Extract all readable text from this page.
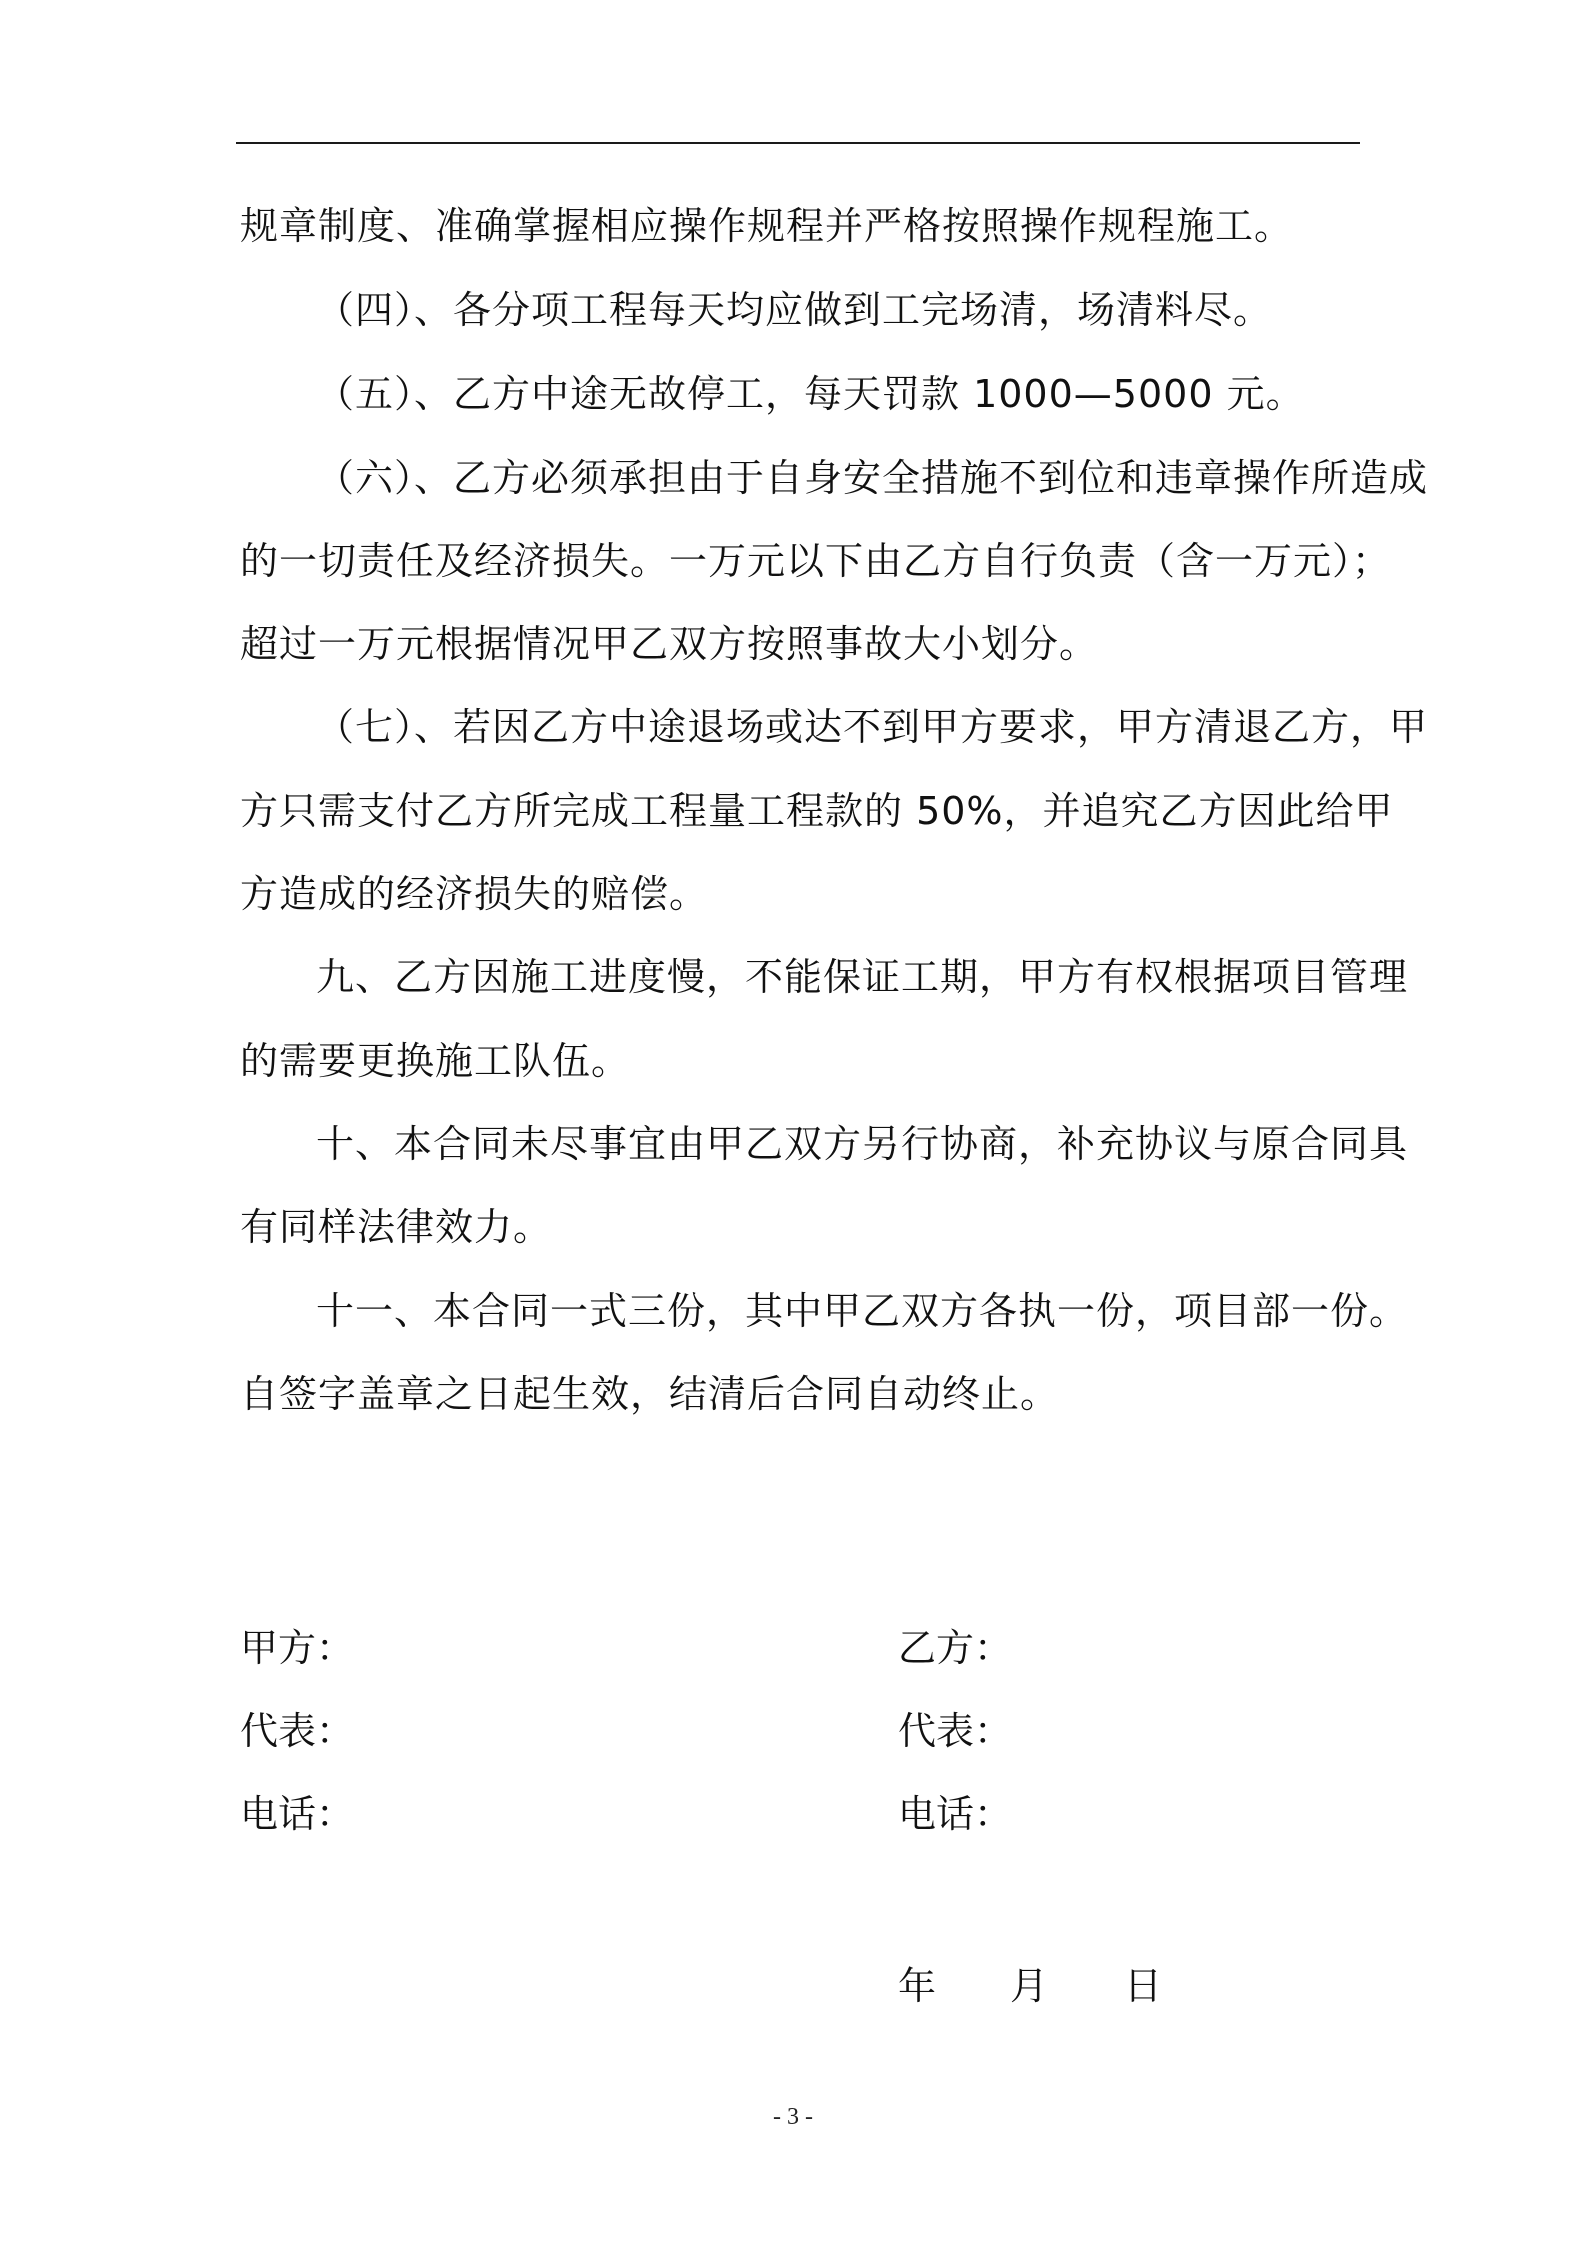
规章制度、准确掌握相应操作规程并严格按照操作规程施工。
（四）、各分项工程每天均应做到工完场清，场清料尽。
（五）、乙方中途无故停工，每天罚款 1000—5000 元。
（六）、乙方必须承担由于自身安全措施不到位和违章操作所造成
的一切责任及经济损失。一万元以下由乙方自行负责（含一万元）；
超过一万元根据情况甲乙双方按照事故大小划分。
（七）、若因乙方中途退场或达不到甲方要求，甲方清退乙方，甲
方只需支付乙方所完成工程量工程款的 50%，并追究乙方因此给甲
方造成的经济损失的赔偿。
九、乙方因施工进度慢，不能保证工期，甲方有权根据项目管理
的需要更换施工队伍。
十、本合同未尽事宜由甲乙双方另行协商，补充协议与原合同具
有同样法律效力。
十一、本合同一式三份，其中甲乙双方各执一份，项目部一份。
自签字盖章之日起生效，结清后合同自动终止。
甲方：
代表：
电话：
乙方：
代表：
电话：
年 月 日
- 3 -
